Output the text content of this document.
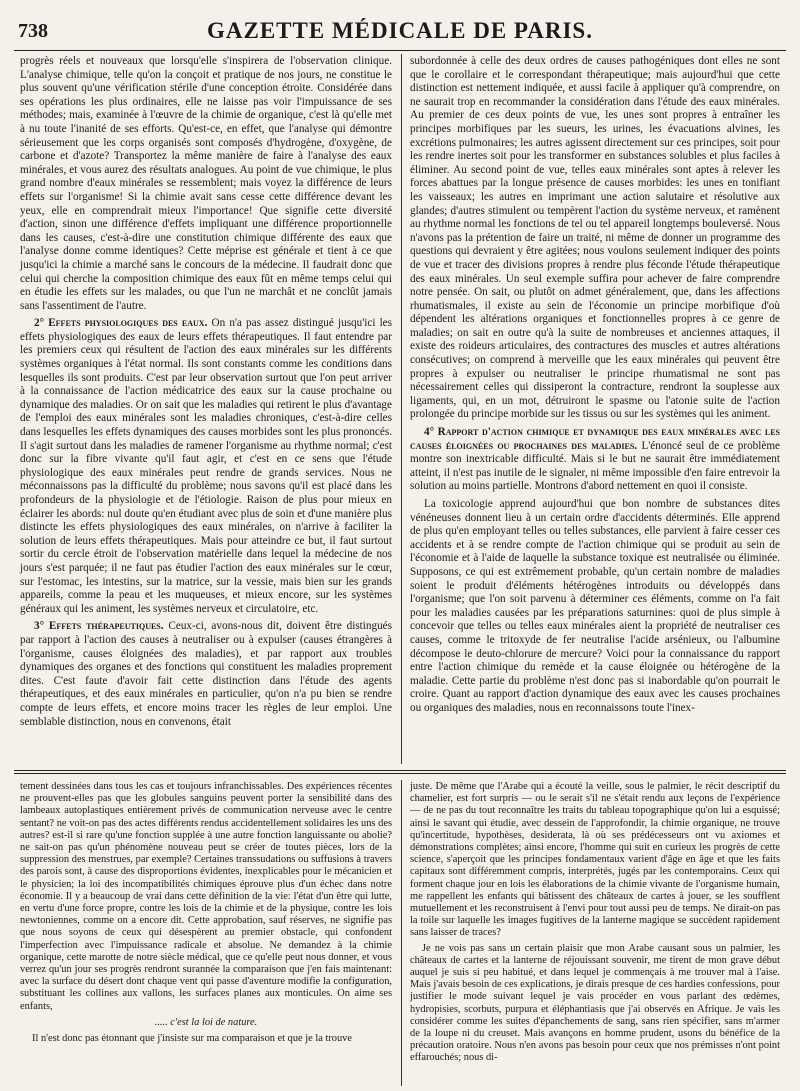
738	GAZETTE MÉDICALE DE PARIS.

progrès réels et nouveaux que lorsqu'elle s'inspirera de l'observation clinique. L'analyse chimique, telle qu'on la conçoit et pratique de nos jours, ne constitue le plus souvent qu'une vérification stérile d'une conception étroite. Considérée dans ses opérations les plus ordinaires, elle ne laisse pas voir l'impuissance de ses méthodes; mais, examinée à l'œuvre de la chimie de organique, c'est là qu'elle met à nu toute l'inanité de ses efforts. Qu'est-ce, en effet, que l'analyse qui démontre sérieusement que les corps organisés sont composés d'hydrogène, d'oxygène, de carbone et d'azote? Transportez la même manière de faire à l'analyse des eaux minérales, et vous aurez des résultats analogues. Au point de vue chimique, le plus grand nombre d'eaux minérales se ressemblent; mais voyez la différence de leurs effets sur l'organisme! Si la chimie avait sans cesse cette différence devant les yeux, elle en comprendrait mieux l'importance! Que signifie cette diversité d'action, sinon une différence d'effets impliquant une différence proportionnelle dans les causes, c'est-à-dire une constitution chimique différente des eaux que l'analyse donne comme identiques? Cette méprise est générale et tient à ce que jusqu'ici la chimie a marché sans le concours de la médecine. Il faudrait donc que celui qui cherche la composition chimique des eaux fût en même temps celui qui en étudie les effets sur les malades, ou que l'un ne marchât et ne conclût jamais sans l'assentiment de l'autre.

2° Effets physiologiques des eaux. On n'a pas assez distingué jusqu'ici les effets physiologiques des eaux de leurs effets thérapeutiques. Il faut entendre par les premiers ceux qui résultent de l'action des eaux minérales sur les différents systèmes organiques à l'état normal. Ils sont constants comme les conditions dans lesquelles ils sont produits. C'est par leur observation surtout que l'on peut arriver à la connaissance de l'action médicatrice des eaux sur la cause prochaine ou dynamique des maladies. Or on sait que les maladies qui retirent le plus d'avantage de l'emploi des eaux minérales sont les maladies chroniques, c'est-à-dire celles dans lesquelles les effets dynamiques des causes morbides sont les plus prononcés. Il s'agit surtout dans les maladies de ramener l'organisme au rhythme normal; c'est donc sur la fibre vivante qu'il faut agir, et c'est en ce sens que l'étude physiologique des eaux minérales peut rendre de grands services. Nous ne méconnaissons pas la difficulté du problème; nous savons qu'il est placé dans les profondeurs de la physiologie et de l'étiologie. Raison de plus pour mieux en éclairer les abords: nul doute qu'en étudiant avec plus de soin et d'une manière plus distincte les effets physiologiques des eaux minérales, on n'arrive à faciliter la solution de leurs effets thérapeutiques. Mais pour atteindre ce but, il faut surtout sortir du cercle étroit de l'observation matérielle dans lequel la médecine de nos jours s'est parquée; il ne faut pas étudier l'action des eaux minérales sur le cœur, sur l'estomac, les intestins, sur la matrice, sur la vessie, mais bien sur les grands appareils, comme la peau et les muqueuses, et mieux encore, sur les systèmes généraux qui les animent, les systèmes nerveux et circulatoire, etc.

3° Effets thérapeutiques. Ceux-ci, avons-nous dit, doivent être distingués par rapport à l'action des causes à neutraliser ou à expulser (causes étrangères à l'organisme, causes éloignées des maladies), et par rapport aux troubles dynamiques des organes et des fonctions qui constituent les maladies proprement dites. C'est faute d'avoir fait cette distinction dans l'étude des agents thérapeutiques, et des eaux minérales en particulier, qu'on n'a pu bien se rendre compte de leurs effets, et encore moins tracer les règles de leur emploi. Une semblable distinction, nous en convenons, était

subordonnée à celle des deux ordres de causes pathogéniques dont elles ne sont que le corollaire et le correspondant thérapeutique; mais aujourd'hui que cette distinction est nettement indiquée, et aussi facile à appliquer qu'à comprendre, on ne saurait trop en recommander la considération dans l'étude des eaux minérales. Au premier de ces deux points de vue, les unes sont propres à entraîner les principes morbifiques par les sueurs, les urines, les évacuations alvines, les excrétions pulmonaires; les autres agissent directement sur ces principes, soit pour les rendre inertes soit pour les transformer en substances solubles et plus faciles à éliminer. Au second point de vue, telles eaux minérales sont aptes à relever les forces abattues par la longue présence de causes morbides: les unes en tonifiant les vaisseaux; les autres en imprimant une action salutaire et résolutive aux glandes; d'autres stimulent ou tempèrent l'action du système nerveux, et ramènent au rhythme normal les fonctions de tel ou tel appareil longtemps bouleversé. Nous n'avons pas la prétention de faire un traité, ni même de donner un programme des questions qui devraient y être agitées; nous voulons seulement indiquer des points de vue et tracer des divisions propres à rendre plus féconde l'étude thérapeutique des eaux minérales. Un seul exemple suffira pour achever de faire comprendre notre pensée. On sait, ou plutôt on admet généralement, que, dans les affections rhumatismales, il existe au sein de l'économie un principe morbifique d'où dépendent les altérations organiques et fonctionnelles propres à ce genre de maladies; on sait en outre qu'à la suite de nombreuses et anciennes attaques, il existe des roideurs articulaires, des contractures des muscles et autres altérations consécutives; on comprend à merveille que les eaux minérales qui peuvent être propres à expulser ou neutraliser le principe rhumatismal ne sont pas nécessairement celles qui dissiperont la contracture, rendront la souplesse aux ligaments, qui, en un mot, détruiront le spasme ou l'atonie suite de l'action prolongée du principe morbide sur les tissus ou sur les systèmes qui les animent.

4° Rapport d'action chimique et dynamique des eaux minérales avec les causes éloignées ou prochaines des maladies. L'énoncé seul de ce problème montre son inextricable difficulté. Mais si le but ne saurait être immédiatement atteint, il n'est pas inutile de le signaler, ni même impossible d'en faire entrevoir la solution au moins partielle. Montrons d'abord nettement en quoi il consiste.

La toxicologie apprend aujourd'hui que bon nombre de substances dites vénéneuses donnent lieu à un certain ordre d'accidents déterminés. Elle apprend de plus qu'en employant telles ou telles substances, elle parvient à faire cesser ces accidents et à se rendre compte de l'action chimique qui se produit au sein de l'économie et à l'aide de laquelle la substance toxique est neutralisée ou éliminée. Supposons, ce qui est extrêmement probable, qu'un certain nombre de maladies soient le produit d'éléments hétérogènes introduits ou développés dans l'organisme; que l'on soit parvenu à déterminer ces éléments, comme on l'a fait pour les maladies causées par les préparations saturnines: quoi de plus simple à concevoir que telles ou telles eaux minérales aient la propriété de neutraliser ces causes, comme le tritoxyde de fer neutralise l'acide arsénieux, ou l'albumine décompose le deuto-chlorure de mercure? Voici pour la connaissance du rapport entre l'action chimique du remède et la cause éloignée ou hétérogène de la maladie. Cette partie du problème n'est donc pas si inabordable qu'on pourrait le croire. Quant au rapport d'action dynamique des eaux avec les causes prochaines ou organiques des maladies, nous en reconnaissons toute l'inex-

tement dessinées dans tous les cas et toujours infranchissables. Des expériences récentes ne prouvent-elles pas que les globules sanguins peuvent porter la sensibilité dans des lambeaux autoplastiques entièrement privés de communication nerveuse avec le centre sentant? ne voit-on pas des actes différents rendus accidentellement solidaires les uns des autres? est-il si rare qu'une fonction supplée à une autre fonction languissante ou abolie? ne sait-on pas qu'un phénomène nouveau peut se créer de toutes pièces, lors de la suppression des menstrues, par exemple? Certaines transsudations ou suffusions à travers des parois sont, à cause des disproportions évidentes, inexplicables pour le mécanicien et le physicien; la loi des incompatibilités chimiques éprouve plus d'un échec dans notre économie. Il y a beaucoup de vrai dans cette définition de la vie: l'état d'un être qui lutte, en vertu d'une force propre, contre les lois de la chimie et de la physique, contre les lois newtoniennes, comme on a encore dit. Cette approbation, sauf réserves, ne signifie pas que nous soyons de ceux qui désespèrent au premier obstacle, qui confondent l'imperfection avec l'impuissance radicale et absolue. Ne demandez à la chimie organique, cette marotte de notre siècle médical, que ce qu'elle peut nous donner, et vous verrez qu'un jour ses progrès rendront surannée la comparaison que j'en fais maintenant: avec la surface du désert dont chaque vent qui passe d'aventure modifie la configuration, substituant les collines aux vallons, les surfaces planes aux monticules. On aime ses enfants,

..... c'est la loi de nature.

Il n'est donc pas étonnant que j'insiste sur ma comparaison et que je la trouve

juste. De même que l'Arabe qui a écouté la veille, sous le palmier, le récit descriptif du chamelier, est fort surpris — ou le serait s'il ne s'était rendu aux leçons de l'expérience — de ne pas du tout reconnaître les traits du tableau topographique qu'on lui a esquissé; ainsi le savant qui étudie, avec dessein de l'approfondir, la chimie organique, ne trouve qu'incertitude, hypothèses, desiderata, là où ses prédécesseurs ont vu axiomes et démonstrations complètes; ainsi encore, l'homme qui suit en curieux les progrès de cette science, s'aperçoit que les principes fondamentaux varient d'âge en âge et que les faits capitaux sont différemment compris, interprétés, jugés par les contemporains. Ceux qui forment chaque jour en lois les élaborations de la chimie vivante de l'organisme humain, me rappellent les enfants qui bâtissent des châteaux de cartes à jouer, se les soufflent mutuellement et les reconstruisent à l'envi pour tout aussi peu de temps. Ne dirait-on pas la toile sur laquelle les images fugitives de la lanterne magique se succèdent rapidement sans laisser de traces?

Je ne vois pas sans un certain plaisir que mon Arabe causant sous un palmier, les châteaux de cartes et la lanterne de réjouissant souvenir, me tirent de mon grave début auquel je suis si peu habitué, et dans lequel je commençais à me trouver mal à l'aise. Mais j'avais besoin de ces explications, je dirais presque de ces hardies confessions, pour justifier le mode suivant lequel je vais procéder en vous parlant des œdèmes, hydropisies, scorbuts, purpura et éléphantiasis que j'ai observés en Afrique. Je vais les considérer comme les suites d'épanchements de sang, sans rien spécifier, sans m'armer de la loupe ni du creuset. Mais avançons en homme prudent, usons du bénéfice de la précaution oratoire. Nous n'en avons pas besoin pour ceux que nos prémisses n'ont point effarouchés; nous di-
